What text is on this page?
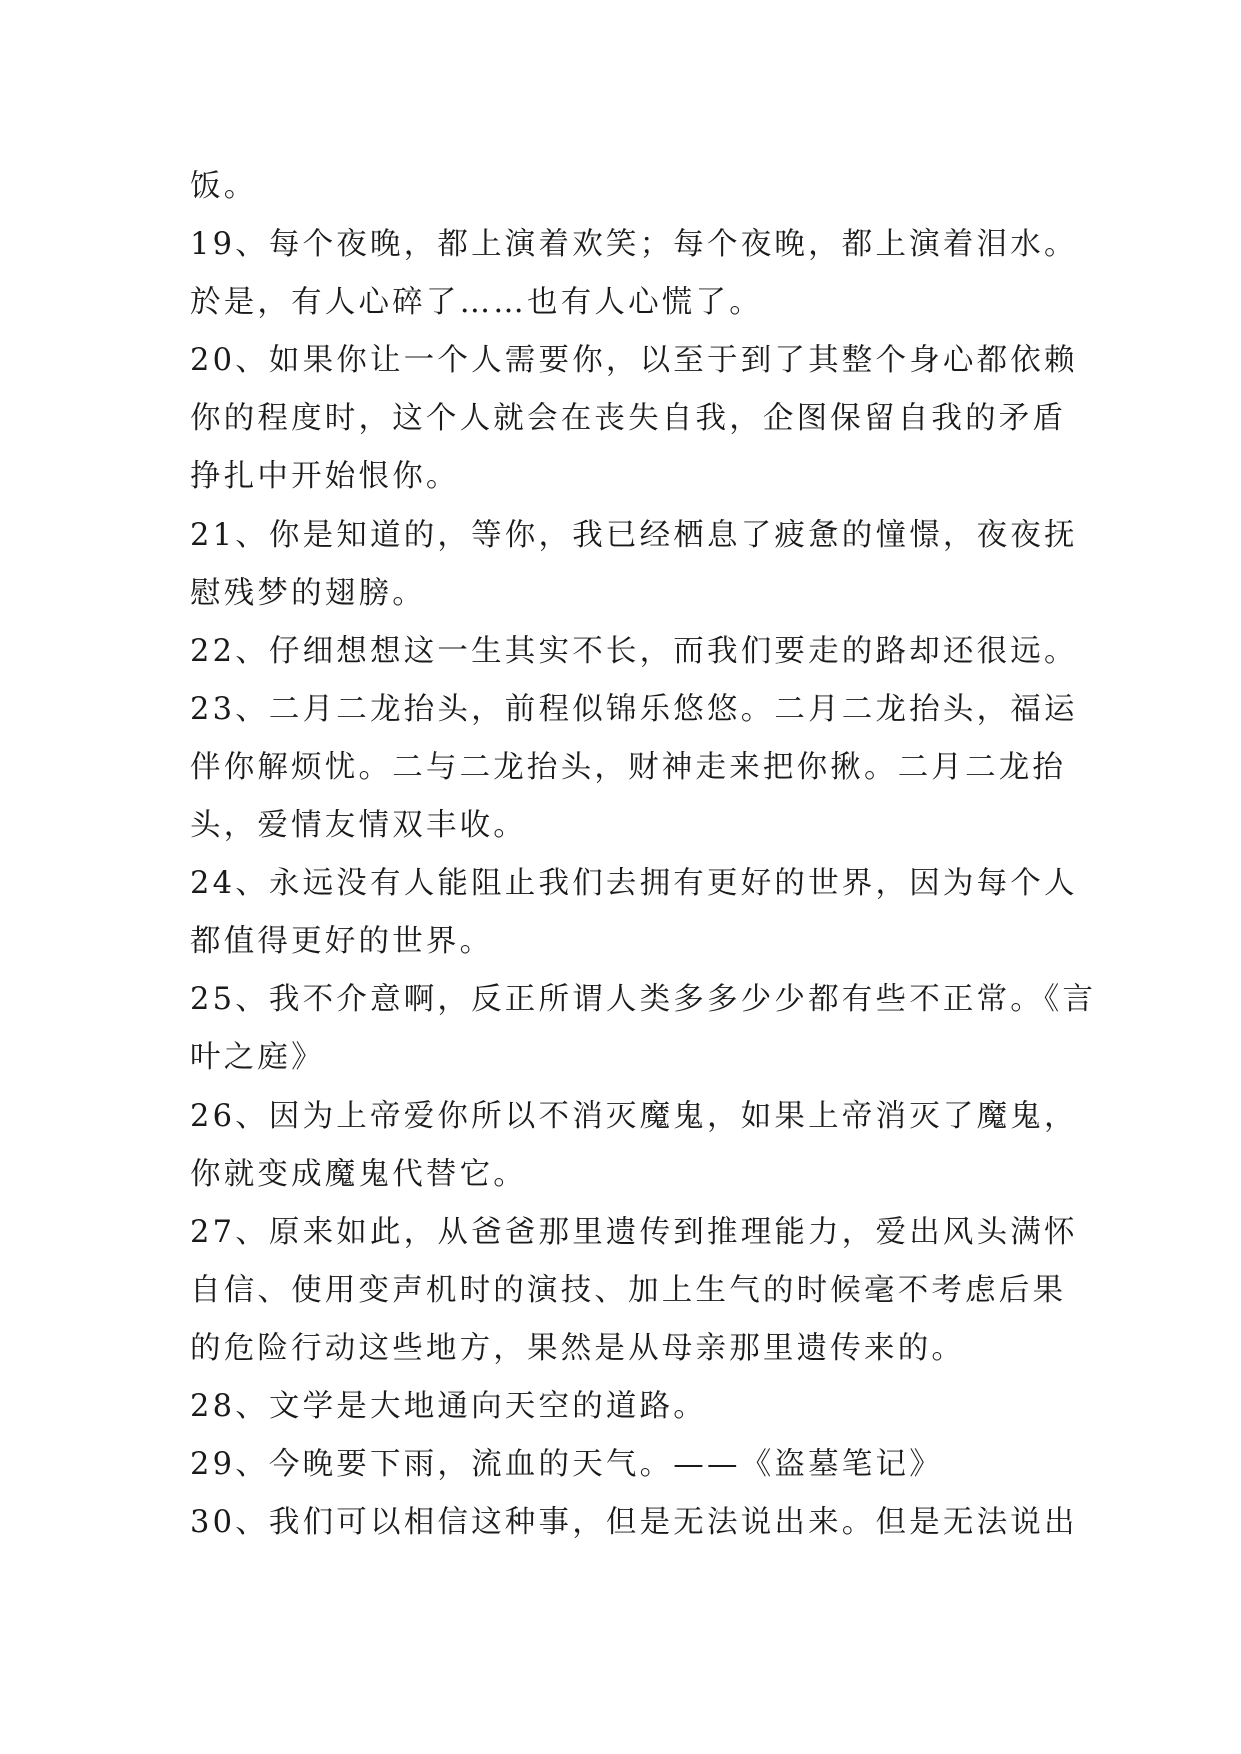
饭。
19、每个夜晚，都上演着欢笑；每个夜晚，都上演着泪水。
於是，有人心碎了……也有人心慌了。
20、如果你让一个人需要你，以至于到了其整个身心都依赖
你的程度时，这个人就会在丧失自我，企图保留自我的矛盾
挣扎中开始恨你。
21、你是知道的，等你，我已经栖息了疲惫的憧憬，夜夜抚
慰残梦的翅膀。
22、仔细想想这一生其实不长，而我们要走的路却还很远。
23、二月二龙抬头，前程似锦乐悠悠。二月二龙抬头，福运
伴你解烦忧。二与二龙抬头，财神走来把你揪。二月二龙抬
头，爱情友情双丰收。
24、永远没有人能阻止我们去拥有更好的世界，因为每个人
都值得更好的世界。
25、我不介意啊，反正所谓人类多多少少都有些不正常。《言
叶之庭》
26、因为上帝爱你所以不消灭魔鬼，如果上帝消灭了魔鬼，
你就变成魔鬼代替它。
27、原来如此，从爸爸那里遗传到推理能力，爱出风头满怀
自信、使用变声机时的演技、加上生气的时候毫不考虑后果
的危险行动这些地方，果然是从母亲那里遗传来的。
28、文学是大地通向天空的道路。
29、今晚要下雨，流血的天气。——《盗墓笔记》
30、我们可以相信这种事，但是无法说出来。但是无法说出
